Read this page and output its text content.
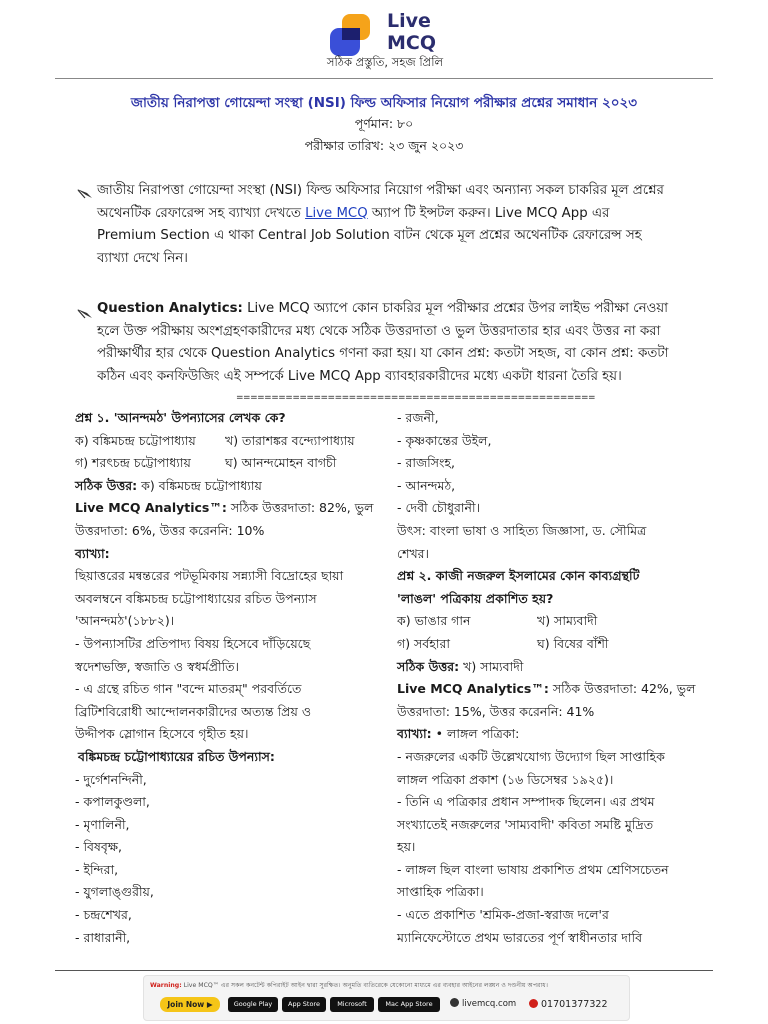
Live
MCQ
সঠিক প্রস্তুতি, সহজ প্রিলি
জাতীয় নিরাপত্তা গোয়েন্দা সংস্থা (NSI) ফিল্ড অফিসার নিয়োগ পরীক্ষার প্রশ্নের সমাধান ২০২৩
পূর্ণমান: ৮০
পরীক্ষার তারিখ: ২৩ জুন ২০২৩
জাতীয় নিরাপত্তা গোয়েন্দা সংস্থা (NSI) ফিল্ড অফিসার নিয়োগ পরীক্ষা এবং অন্যান্য সকল চাকরির মূল প্রশ্নের
অথেনটিক রেফারেন্স সহ ব্যাখ্যা দেখতে Live MCQ অ্যাপ টি ইন্সটল করুন। Live MCQ App এর
Premium Section এ থাকা Central Job Solution বাটন থেকে মূল প্রশ্নের অথেনটিক রেফারেন্স সহ
ব্যাখ্যা দেখে নিন।
Question Analytics: Live MCQ অ্যাপে কোন চাকরির মূল পরীক্ষার প্রশ্নের উপর লাইভ পরীক্ষা নেওয়া
হলে উক্ত পরীক্ষায় অংশগ্রহণকারীদের মধ্য থেকে সঠিক উত্তরদাতা ও ভুল উত্তরদাতার হার এবং উত্তর না করা
পরীক্ষার্থীর হার থেকে Question Analytics গণনা করা হয়। যা কোন প্রশ্ন: কতটা সহজ, বা কোন প্রশ্ন: কতটা
কঠিন এবং কনফিউজিং এই সম্পর্কে Live MCQ App ব্যাবহারকারীদের মধ্যে একটা ধারনা তৈরি হয়।
===================================================
প্রশ্ন ১. 'আনন্দমঠ' উপন্যাসের লেখক কে?
ক) বঙ্কিমচন্দ্র চট্টোপাধ্যায়	খ) তারাশঙ্কর বন্দ্যোপাধ্যায়
গ) শরৎচন্দ্র চট্টোপাধ্যায়	ঘ) আনন্দমোহন বাগচী
সঠিক উত্তর: ক) বঙ্কিমচন্দ্র চট্টোপাধ্যায়
Live MCQ Analytics™: সঠিক উত্তরদাতা: 82%, ভুল
উত্তরদাতা: 6%, উত্তর করেননি: 10%
ব্যাখ্যা:
ছিয়াত্তরের মন্বন্তরের পটভূমিকায় সন্ন্যাসী বিদ্রোহের ছায়া
অবলম্বনে বঙ্কিমচন্দ্র চট্টোপাধ্যায়ের রচিত উপন্যাস
'আনন্দমঠ'(১৮৮২)।
- উপন্যাসটির প্রতিপাদ্য বিষয় হিসেবে দাঁড়িয়েছে
স্বদেশভক্তি, স্বজাতি ও স্বধর্মপ্রীতি।
- এ গ্রন্থে রচিত গান "বন্দে মাতরম্" পরবর্তিতে
ব্রিটিশবিরোধী আন্দোলনকারীদের অত্যন্ত প্রিয় ও
উদ্দীপক স্লোগান হিসেবে গৃহীত হয়।
বঙ্কিমচন্দ্র চট্টোপাধ্যায়ের রচিত উপন্যাস:
- দুর্গেশনন্দিনী,
- কপালকুণ্ডলা,
- মৃণালিনী,
- বিষবৃক্ষ,
- ইন্দিরা,
- যুগলাঙ্গুরীয়,
- চন্দ্রশেখর,
- রাধারানী,
- রজনী,
- কৃষ্ণকান্তের উইল,
- রাজসিংহ,
- আনন্দমঠ,
- দেবী চৌধুরানী।
উৎস: বাংলা ভাষা ও সাহিত্য জিজ্ঞাসা, ড. সৌমিত্র
শেখর।
প্রশ্ন ২. কাজী নজরুল ইসলামের কোন কাব্যগ্রন্থটি
'লাঙল' পত্রিকায় প্রকাশিত হয়?
ক) ভাঙার গান	খ) সাম্যবাদী
গ) সর্বহারা	ঘ) বিষের বাঁশী
সঠিক উত্তর: খ) সাম্যবাদী
Live MCQ Analytics™: সঠিক উত্তরদাতা: 42%, ভুল
উত্তরদাতা: 15%, উত্তর করেননি: 41%
ব্যাখ্যা: • লাঙ্গল পত্রিকা:
- নজরুলের একটি উল্লেখযোগ্য উদ্যোগ ছিল সাপ্তাহিক
লাঙ্গল পত্রিকা প্রকাশ (১৬ ডিসেম্বর ১৯২৫)।
- তিনি এ পত্রিকার প্রধান সম্পাদক ছিলেন। এর প্রথম
সংখ্যাতেই নজরুলের 'সাম্যবাদী' কবিতা সমষ্টি মুদ্রিত
হয়।
- লাঙ্গল ছিল বাংলা ভাষায় প্রকাশিত প্রথম শ্রেণিসচেতন
সাপ্তাহিক পত্রিকা।
- এতে প্রকাশিত 'শ্রমিক-প্রজা-স্বরাজ দলে'র
ম্যানিফেস্টোতে প্রথম ভারতের পূর্ণ স্বাধীনতার দাবি
Warning: Live MCQ™ এর সকল কনটেন্ট কপিরাইট আইন দ্বারা সুরক্ষিত। অনুমতি ব্যতিরেকে যেকোনো মাধ্যমে এর ব্যবহার আইনের লঙ্ঘন ও দণ্ডনীয় অপরাধ।
Join Now ▶	Google Play	App Store	Microsoft	Mac App Store	livemcq.com	01701377322
